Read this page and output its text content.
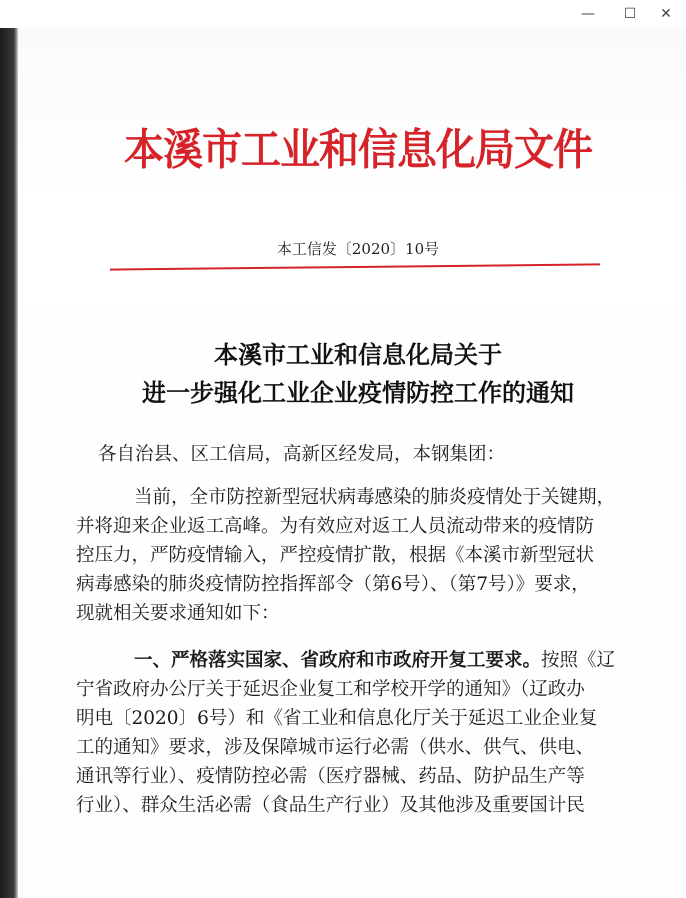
—	☐	✕
本溪市工业和信息化局文件
本工信发〔2020〕10号
本溪市工业和信息化局关于
进一步强化工业企业疫情防控工作的通知
各自治县、区工信局，高新区经发局，本钢集团：
当前，全市防控新型冠状病毒感染的肺炎疫情处于关键期，
并将迎来企业返工高峰。为有效应对返工人员流动带来的疫情防
控压力，严防疫情输入，严控疫情扩散，根据《本溪市新型冠状
病毒感染的肺炎疫情防控指挥部令（第6号）、（第7号）》要求，
现就相关要求通知如下：
一、严格落实国家、省政府和市政府开复工要求。按照《辽
宁省政府办公厅关于延迟企业复工和学校开学的通知》（辽政办
明电〔2020〕6号）和《省工业和信息化厅关于延迟工业企业复
工的通知》要求，涉及保障城市运行必需（供水、供气、供电、
通讯等行业）、疫情防控必需（医疗器械、药品、防护品生产等
行业）、群众生活必需（食品生产行业）及其他涉及重要国计民
